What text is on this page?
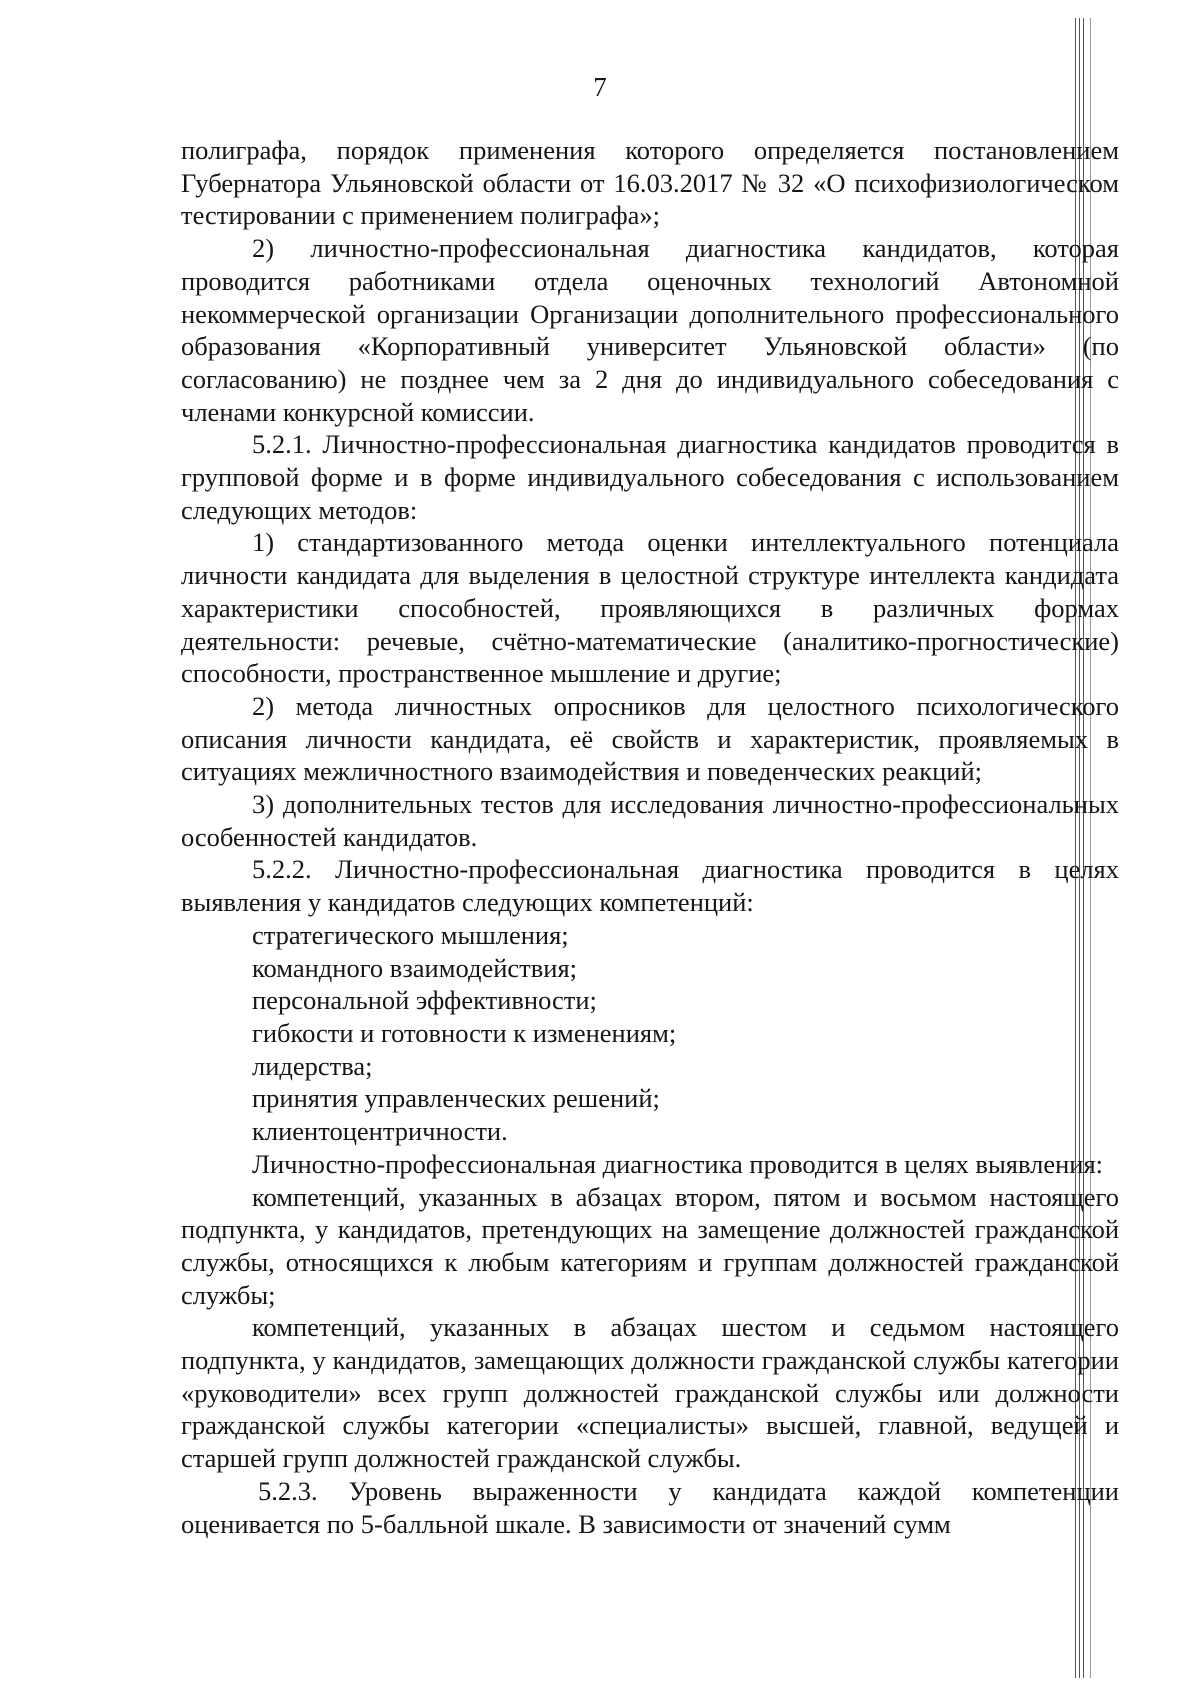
7

полиграфа, порядок применения которого определяется постановлением Губернатора Ульяновской области от 16.03.2017 № 32 «О психофизиологическом тестировании с применением полиграфа»;

2) личностно-профессиональная диагностика кандидатов, которая проводится работниками отдела оценочных технологий Автономной некоммерческой организации Организации дополнительного профессионального образования «Корпоративный университет Ульяновской области» (по согласованию) не позднее чем за 2 дня до индивидуального собеседования с членами конкурсной комиссии.

5.2.1. Личностно-профессиональная диагностика кандидатов проводится в групповой форме и в форме индивидуального собеседования с использованием следующих методов:

1) стандартизованного метода оценки интеллектуального потенциала личности кандидата для выделения в целостной структуре интеллекта кандидата характеристики способностей, проявляющихся в различных формах деятельности: речевые, счётно-математические (аналитико-прогностические) способности, пространственное мышление и другие;

2) метода личностных опросников для целостного психологического описания личности кандидата, её свойств и характеристик, проявляемых в ситуациях межличностного взаимодействия и поведенческих реакций;

3) дополнительных тестов для исследования личностно-профессиональных особенностей кандидатов.

5.2.2. Личностно-профессиональная диагностика проводится в целях выявления у кандидатов следующих компетенций:

стратегического мышления;

командного взаимодействия;

персональной эффективности;

гибкости и готовности к изменениям;

лидерства;

принятия управленческих решений;

клиентоцентричности.

Личностно-профессиональная диагностика проводится в целях выявления:

компетенций, указанных в абзацах втором, пятом и восьмом настоящего подпункта, у кандидатов, претендующих на замещение должностей гражданской службы, относящихся к любым категориям и группам должностей гражданской службы;

компетенций, указанных в абзацах шестом и седьмом настоящего подпункта, у кандидатов, замещающих должности гражданской службы категории «руководители» всех групп должностей гражданской службы или должности гражданской службы категории «специалисты» высшей, главной, ведущей и старшей групп должностей гражданской службы.

5.2.3. Уровень выраженности у кандидата каждой компетенции оценивается по 5-балльной шкале. В зависимости от значений сумм
